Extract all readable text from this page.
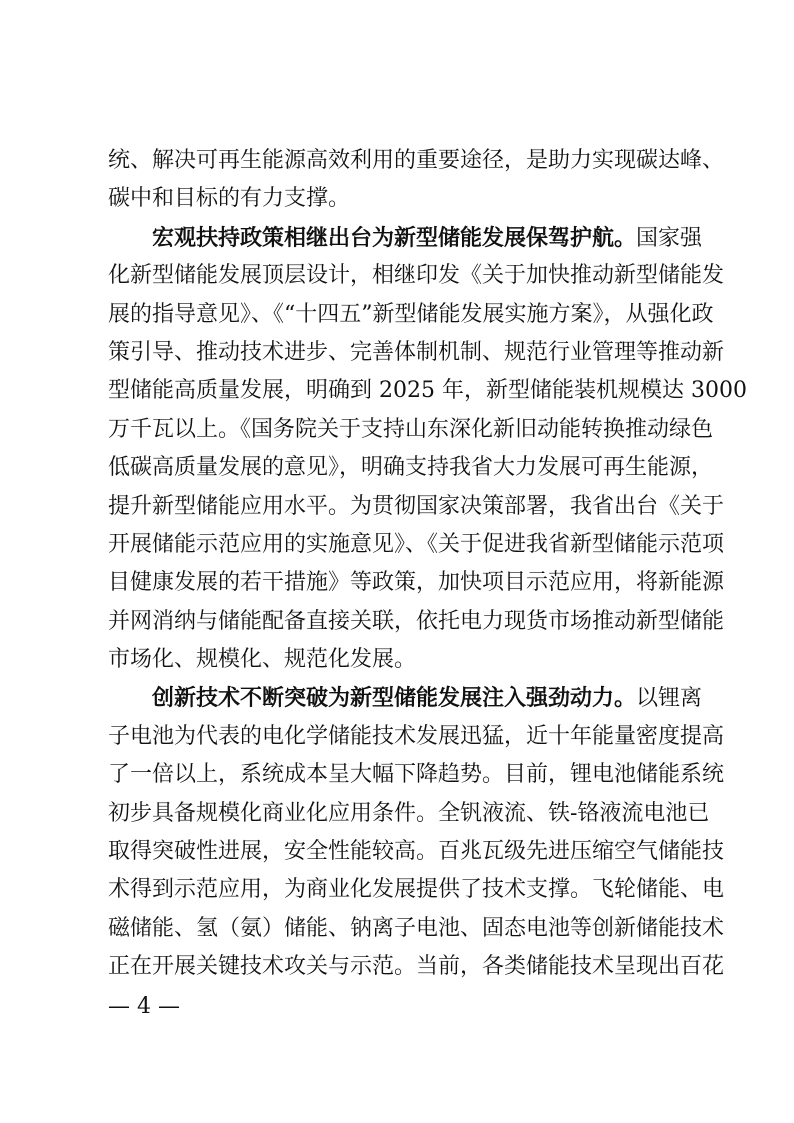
统、解决可再生能源高效利用的重要途径，是助力实现碳达峰、
碳中和目标的有力支撑。
宏观扶持政策相继出台为新型储能发展保驾护航。国家强
化新型储能发展顶层设计，相继印发《关于加快推动新型储能发
展的指导意见》、《“十四五”新型储能发展实施方案》，从强化政
策引导、推动技术进步、完善体制机制、规范行业管理等推动新
型储能高质量发展，明确到 2025 年，新型储能装机规模达 3000
万千瓦以上。《国务院关于支持山东深化新旧动能转换推动绿色
低碳高质量发展的意见》，明确支持我省大力发展可再生能源，
提升新型储能应用水平。为贯彻国家决策部署，我省出台《关于
开展储能示范应用的实施意见》、《关于促进我省新型储能示范项
目健康发展的若干措施》等政策，加快项目示范应用，将新能源
并网消纳与储能配备直接关联，依托电力现货市场推动新型储能
市场化、规模化、规范化发展。
创新技术不断突破为新型储能发展注入强劲动力。以锂离
子电池为代表的电化学储能技术发展迅猛，近十年能量密度提高
了一倍以上，系统成本呈大幅下降趋势。目前，锂电池储能系统
初步具备规模化商业化应用条件。全钒液流、铁-铬液流电池已
取得突破性进展，安全性能较高。百兆瓦级先进压缩空气储能技
术得到示范应用，为商业化发展提供了技术支撑。飞轮储能、电
磁储能、氢（氨）储能、钠离子电池、固态电池等创新储能技术
正在开展关键技术攻关与示范。当前，各类储能技术呈现出百花
— 4 —
